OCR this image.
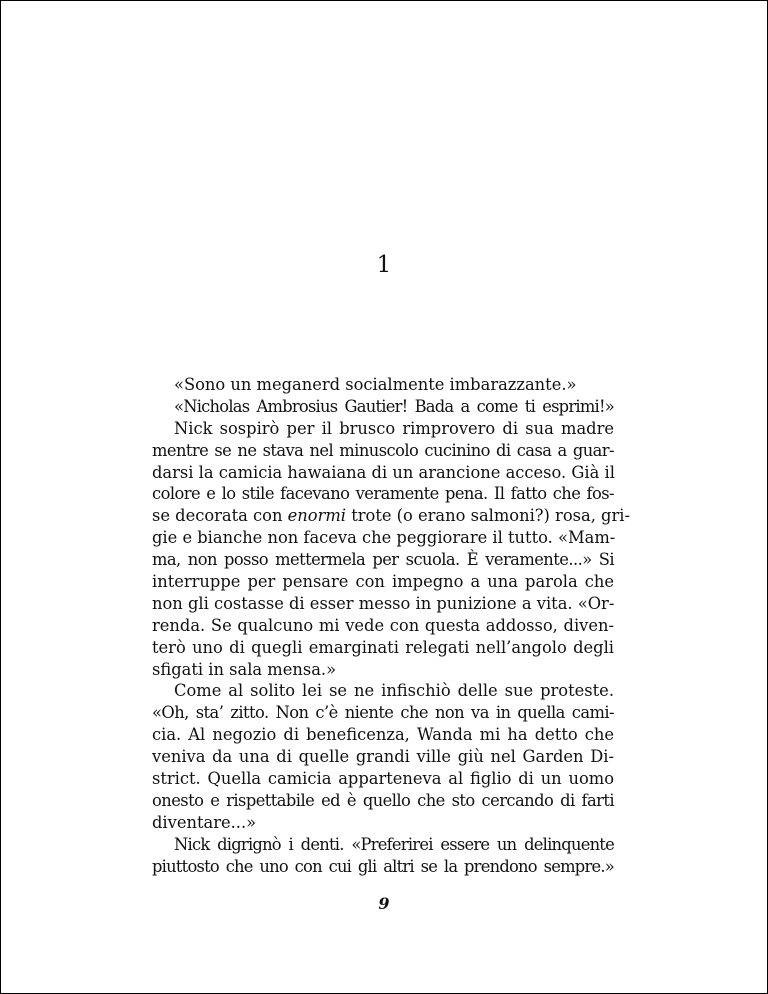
1
«Sono un meganerd socialmente imbarazzante.»
«Nicholas Ambrosius Gautier! Bada a come ti esprimi!»
Nick sospirò per il brusco rimprovero di sua madre
mentre se ne stava nel minuscolo cucinino di casa a guar-
darsi la camicia hawaiana di un arancione acceso. Già il
colore e lo stile facevano veramente pena. Il fatto che fos-
se decorata con enormi trote (o erano salmoni?) rosa, gri-
gie e bianche non faceva che peggiorare il tutto. «Mam-
ma, non posso mettermela per scuola. È veramente...» Si
interruppe per pensare con impegno a una parola che
non gli costasse di esser messo in punizione a vita. «Or-
renda. Se qualcuno mi vede con questa addosso, diven-
terò uno di quegli emarginati relegati nell’angolo degli
sfigati in sala mensa.»
Come al solito lei se ne infischiò delle sue proteste.
«Oh, sta’ zitto. Non c’è niente che non va in quella cami-
cia. Al negozio di beneficenza, Wanda mi ha detto che
veniva da una di quelle grandi ville giù nel Garden Di-
strict. Quella camicia apparteneva al figlio di un uomo
onesto e rispettabile ed è quello che sto cercando di farti
diventare...»
Nick digrignò i denti. «Preferirei essere un delinquente
piuttosto che uno con cui gli altri se la prendono sempre.»
9
